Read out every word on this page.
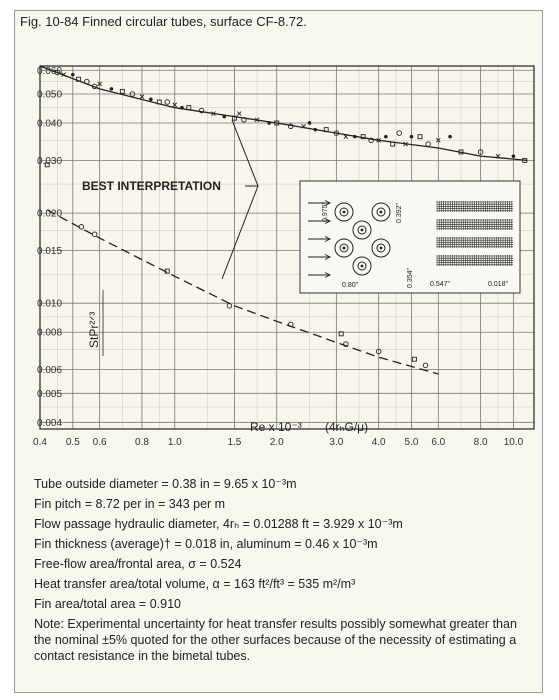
Fig. 10-84 Finned circular tubes, surface CF-8.72.
0.004
0.005
0.006
0.008
0.010
0.015
0.020
0.030
0.040
0.050
0.060
0.4 0.5 0.6	0.8 1.0	1.5	2.0	3.0	4.0 5.0 6.0	8.0 10.0
BEST INTERPRETATION
Re x 10⁻³ (4rₕG/μ)
StPr²ᐟ³
0.975"
0.80"
0.392"
0.354" 0.547"	0.018"
Tube outside diameter = 0.38 in = 9.65 x 10⁻³m
Fin pitch = 8.72 per in = 343 per m
Flow passage hydraulic diameter, 4rₕ = 0.01288 ft = 3.929 x 10⁻³m
Fin thickness (average)† = 0.018 in, aluminum = 0.46 x 10⁻³m
Free-flow area/frontal area, σ = 0.524
Heat transfer area/total volume, α = 163 ft²/ft³ = 535 m²/m³
Fin area/total area = 0.910
Note: Experimental uncertainty for heat transfer results possibly somewhat greater than the nominal ±5% quoted for the other surfaces because of the necessity of estimating a contact resistance in the bimetal tubes.
